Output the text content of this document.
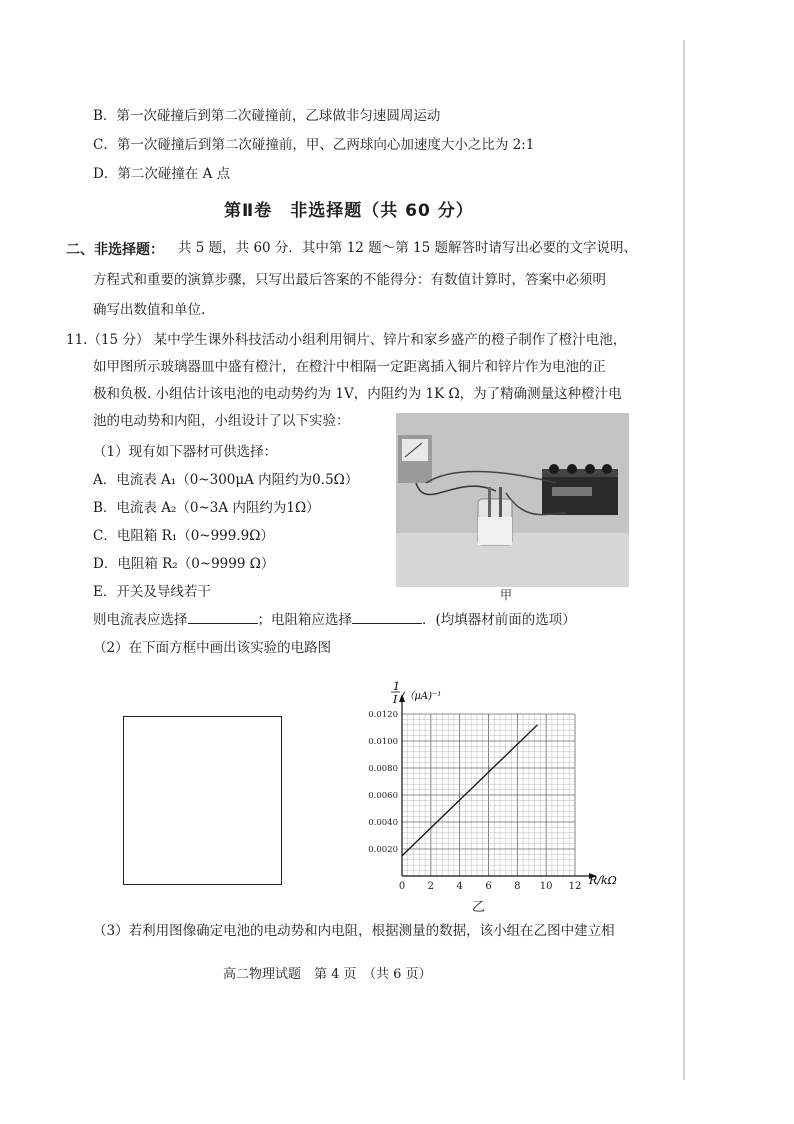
B．第一次碰撞后到第二次碰撞前，乙球做非匀速圆周运动
C．第一次碰撞后到第二次碰撞前，甲、乙两球向心加速度大小之比为 2:1
D．第二次碰撞在 A 点
第Ⅱ卷　非选择题（共 60 分）
二、非选择题： 共 5 题，共 60 分．其中第 12 题～第 15 题解答时请写出必要的文字说明、
方程式和重要的演算步骤，只写出最后答案的不能得分：有数值计算时，答案中必须明
确写出数值和单位.
11.（15 分） 某中学生课外科技活动小组利用铜片、锌片和家乡盛产的橙子制作了橙汁电池，
如甲图所示玻璃器皿中盛有橙汁，在橙汁中相隔一定距离插入铜片和锌片作为电池的正
极和负极. 小组估计该电池的电动势约为 1V，内阻约为 1K Ω，为了精确测量这种橙汁电
池的电动势和内阻，小组设计了以下实验：
（1）现有如下器材可供选择：
A．电流表 A₁（0~300μA 内阻约为0.5Ω）
B．电流表 A₂（0~3A 内阻约为1Ω）
C．电阻箱 R₁（0~999.9Ω）
D．电阻箱 R₂（0~9999 Ω）
E．开关及导线若干
则电流表应选择	；电阻箱应选择	．(均填器材前面的选项）
（2）在下面方框中画出该实验的电路图
甲
0.0020
0.0040
0.0060
0.0080
0.0100
0.0120
0 2 4 6 8 10 12
1
I /（μA)⁻¹
R/kΩ
乙
（3）若利用图像确定电池的电动势和内电阻，根据测量的数据，该小组在乙图中建立相
高二物理试题　第 4 页　（共 6 页）
